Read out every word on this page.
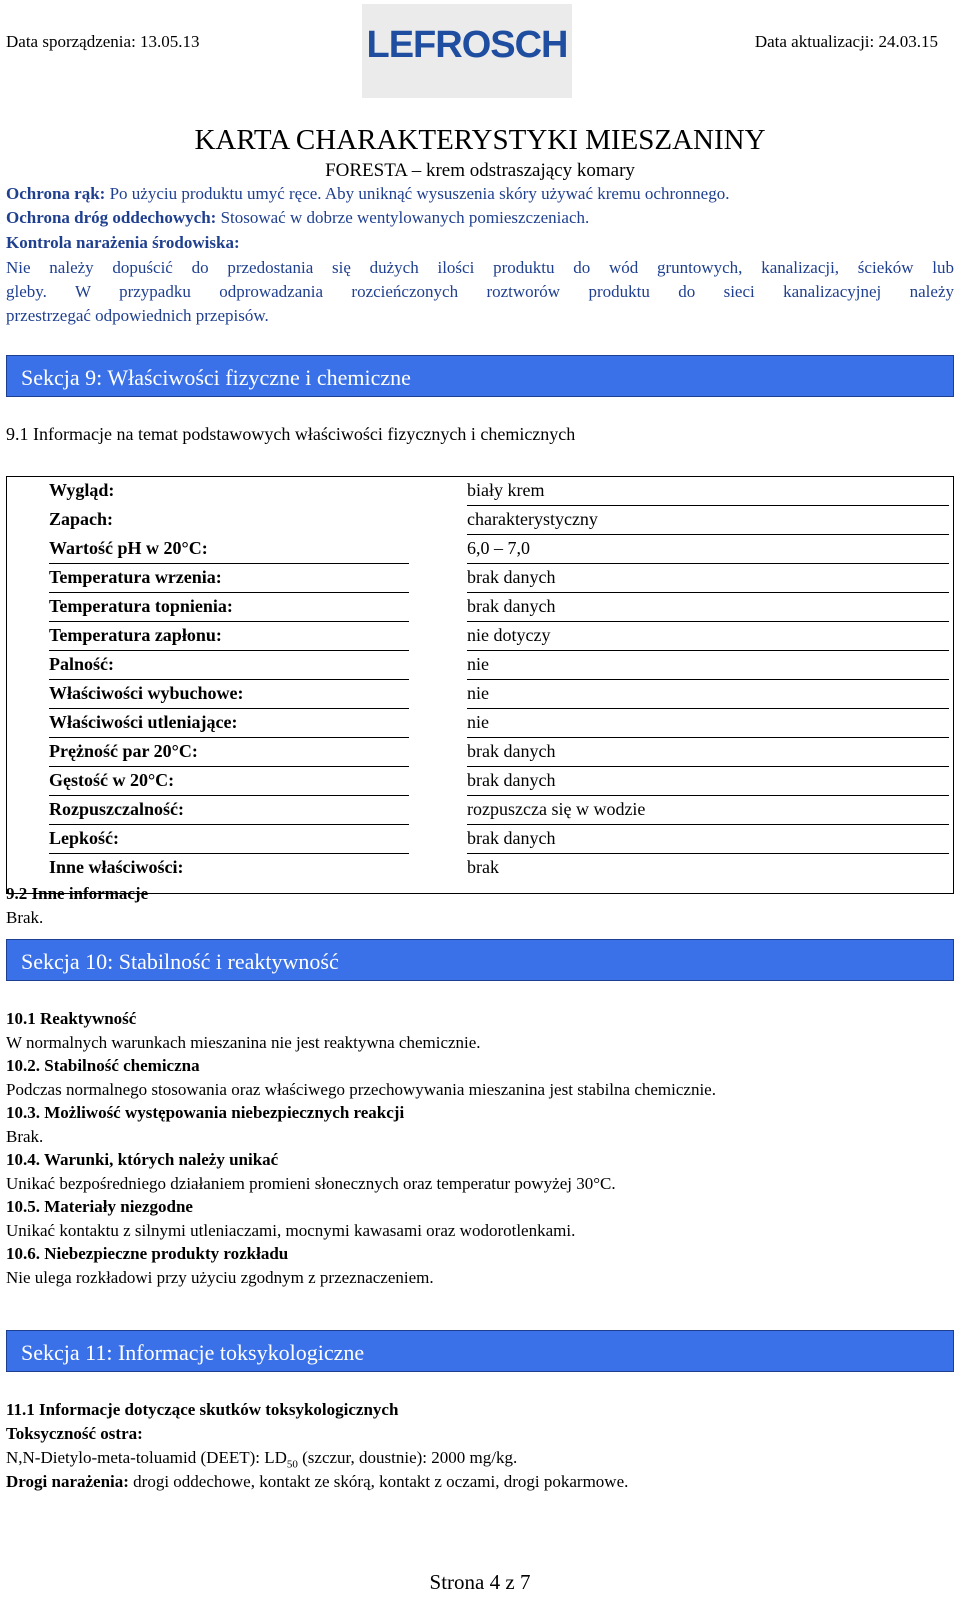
Data sporządzenia: 13.05.13	LEFROSCH	Data aktualizacji: 24.03.15
KARTA CHARAKTERYSTYKI MIESZANINY
FORESTA – krem odstraszający komary
Ochrona rąk: Po użyciu produktu umyć ręce. Aby uniknąć wysuszenia skóry używać kremu ochronnego.
Ochrona dróg oddechowych: Stosować w dobrze wentylowanych pomieszczeniach.
Kontrola narażenia środowiska:
Nie należy dopuścić do przedostania się dużych ilości produktu do wód gruntowych, kanalizacji, ścieków lub
gleby. W przypadku odprowadzania rozcieńczonych roztworów produktu do sieci kanalizacyjnej należy
przestrzegać odpowiednich przepisów.
Sekcja 9: Właściwości fizyczne i chemiczne
9.1 Informacje na temat podstawowych właściwości fizycznych i chemicznych
Wygląd:	biały krem
Zapach:	charakterystyczny
Wartość pH w 20°C:	6,0 – 7,0
Temperatura wrzenia:	brak danych
Temperatura topnienia:	brak danych
Temperatura zapłonu:	nie dotyczy
Palność:	nie
Właściwości wybuchowe:	nie
Właściwości utleniające:	nie
Prężność par 20°C:	brak danych
Gęstość w 20°C:	brak danych
Rozpuszczalność:	rozpuszcza się w wodzie
Lepkość:	brak danych
Inne właściwości:	brak
9.2 Inne informacje
Brak.
Sekcja 10: Stabilność i reaktywność
10.1 Reaktywność
W normalnych warunkach mieszanina nie jest reaktywna chemicznie.
10.2. Stabilność chemiczna
Podczas normalnego stosowania oraz właściwego przechowywania mieszanina jest stabilna chemicznie.
10.3. Możliwość występowania niebezpiecznych reakcji
Brak.
10.4. Warunki, których należy unikać
Unikać bezpośredniego działaniem promieni słonecznych oraz temperatur powyżej 30°C.
10.5. Materiały niezgodne
Unikać kontaktu z silnymi utleniaczami, mocnymi kawasami oraz wodorotlenkami.
10.6. Niebezpieczne produkty rozkładu
Nie ulega rozkładowi przy użyciu zgodnym z przeznaczeniem.
Sekcja 11: Informacje toksykologiczne
11.1 Informacje dotyczące skutków toksykologicznych
Toksyczność ostra:
N,N-Dietylo-meta-toluamid (DEET): $LD_{50}$ (szczur, doustnie): 2000 mg/kg.
Drogi narażenia: drogi oddechowe, kontakt ze skórą, kontakt z oczami, drogi pokarmowe.
Strona 4 z 7
